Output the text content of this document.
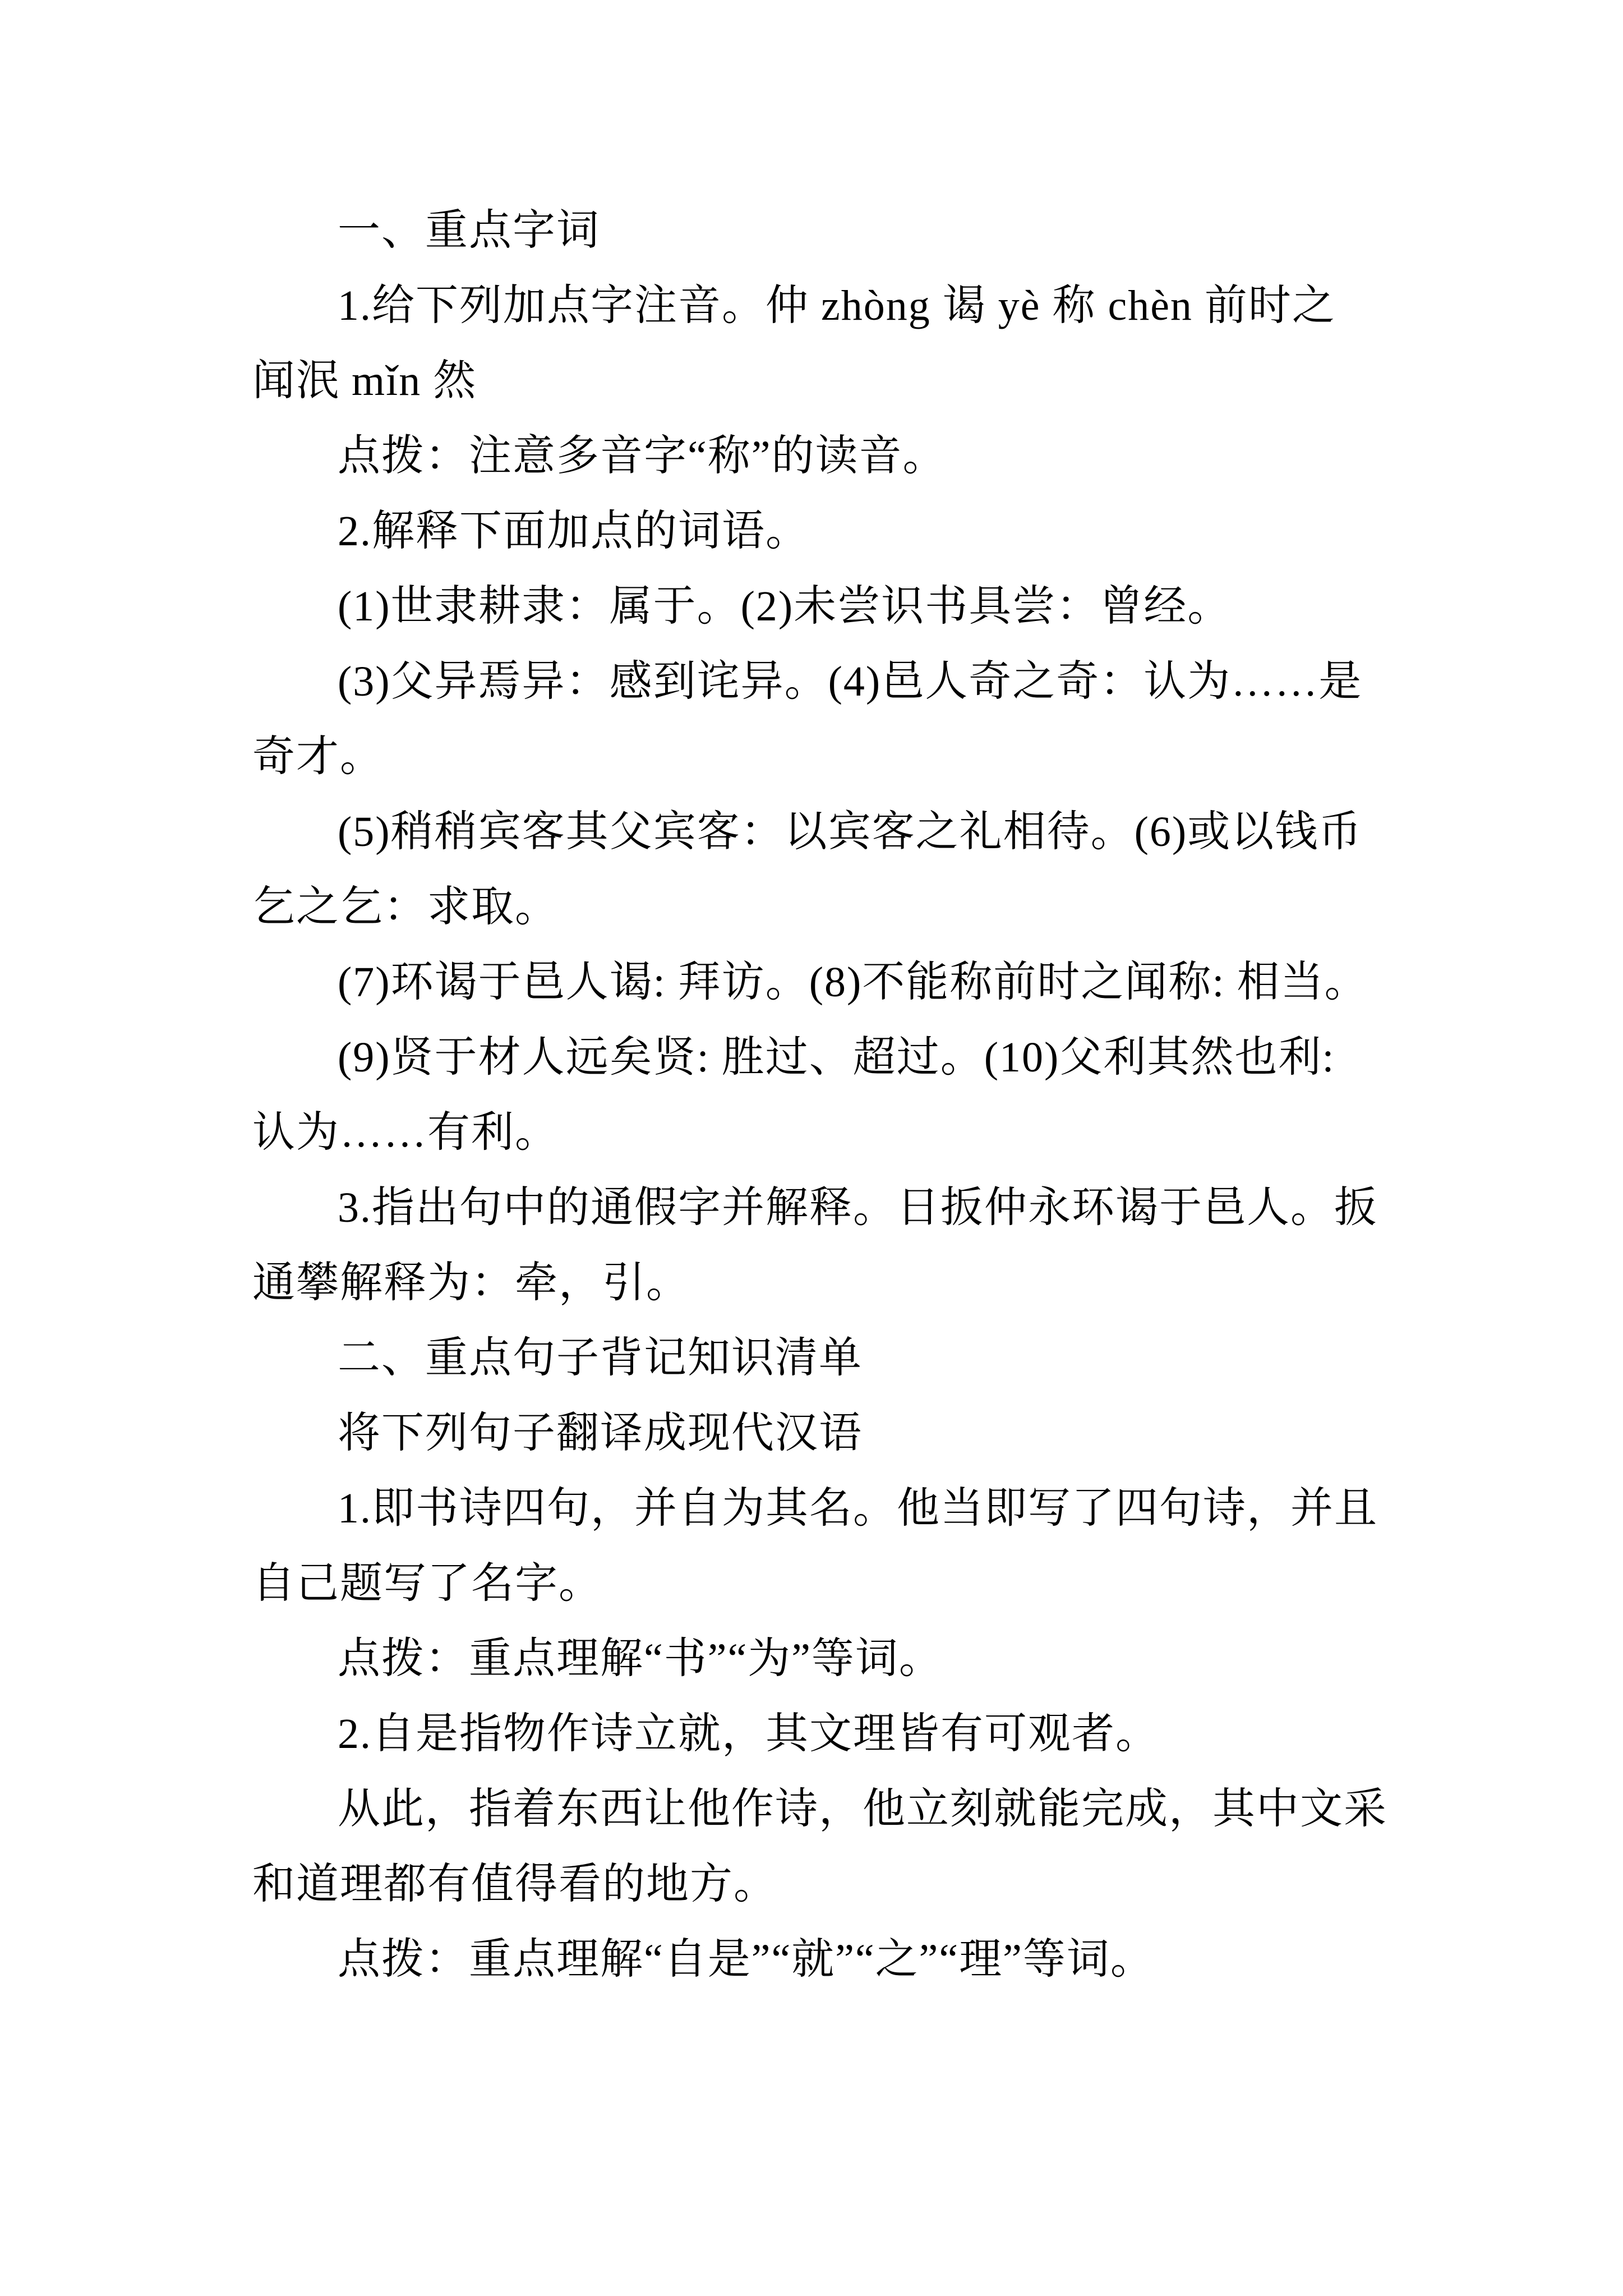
一、重点字词

1.给下列加点字注音。仲 zhòng 谒 yè 称 chèn 前时之
闻泯 mǐn 然

点拨：注意多音字“称”的读音。

2.解释下面加点的词语。

(1)世隶耕隶：属于。(2)未尝识书具尝：曾经。

(3)父异焉异：感到诧异。(4)邑人奇之奇：认为……是
奇才。

(5)稍稍宾客其父宾客：以宾客之礼相待。(6)或以钱币
乞之乞：求取。

(7)环谒于邑人谒: 拜访。(8)不能称前时之闻称: 相当。

(9)贤于材人远矣贤: 胜过、超过。(10)父利其然也利:
认为……有利。

3.指出句中的通假字并解释。日扳仲永环谒于邑人。扳
通攀解释为：牵，引。

二、重点句子背记知识清单

将下列句子翻译成现代汉语

1.即书诗四句，并自为其名。他当即写了四句诗，并且
自己题写了名字。

点拨：重点理解“书”“为”等词。

2.自是指物作诗立就，其文理皆有可观者。

从此，指着东西让他作诗，他立刻就能完成，其中文采
和道理都有值得看的地方。

点拨：重点理解“自是”“就”“之”“理”等词。
